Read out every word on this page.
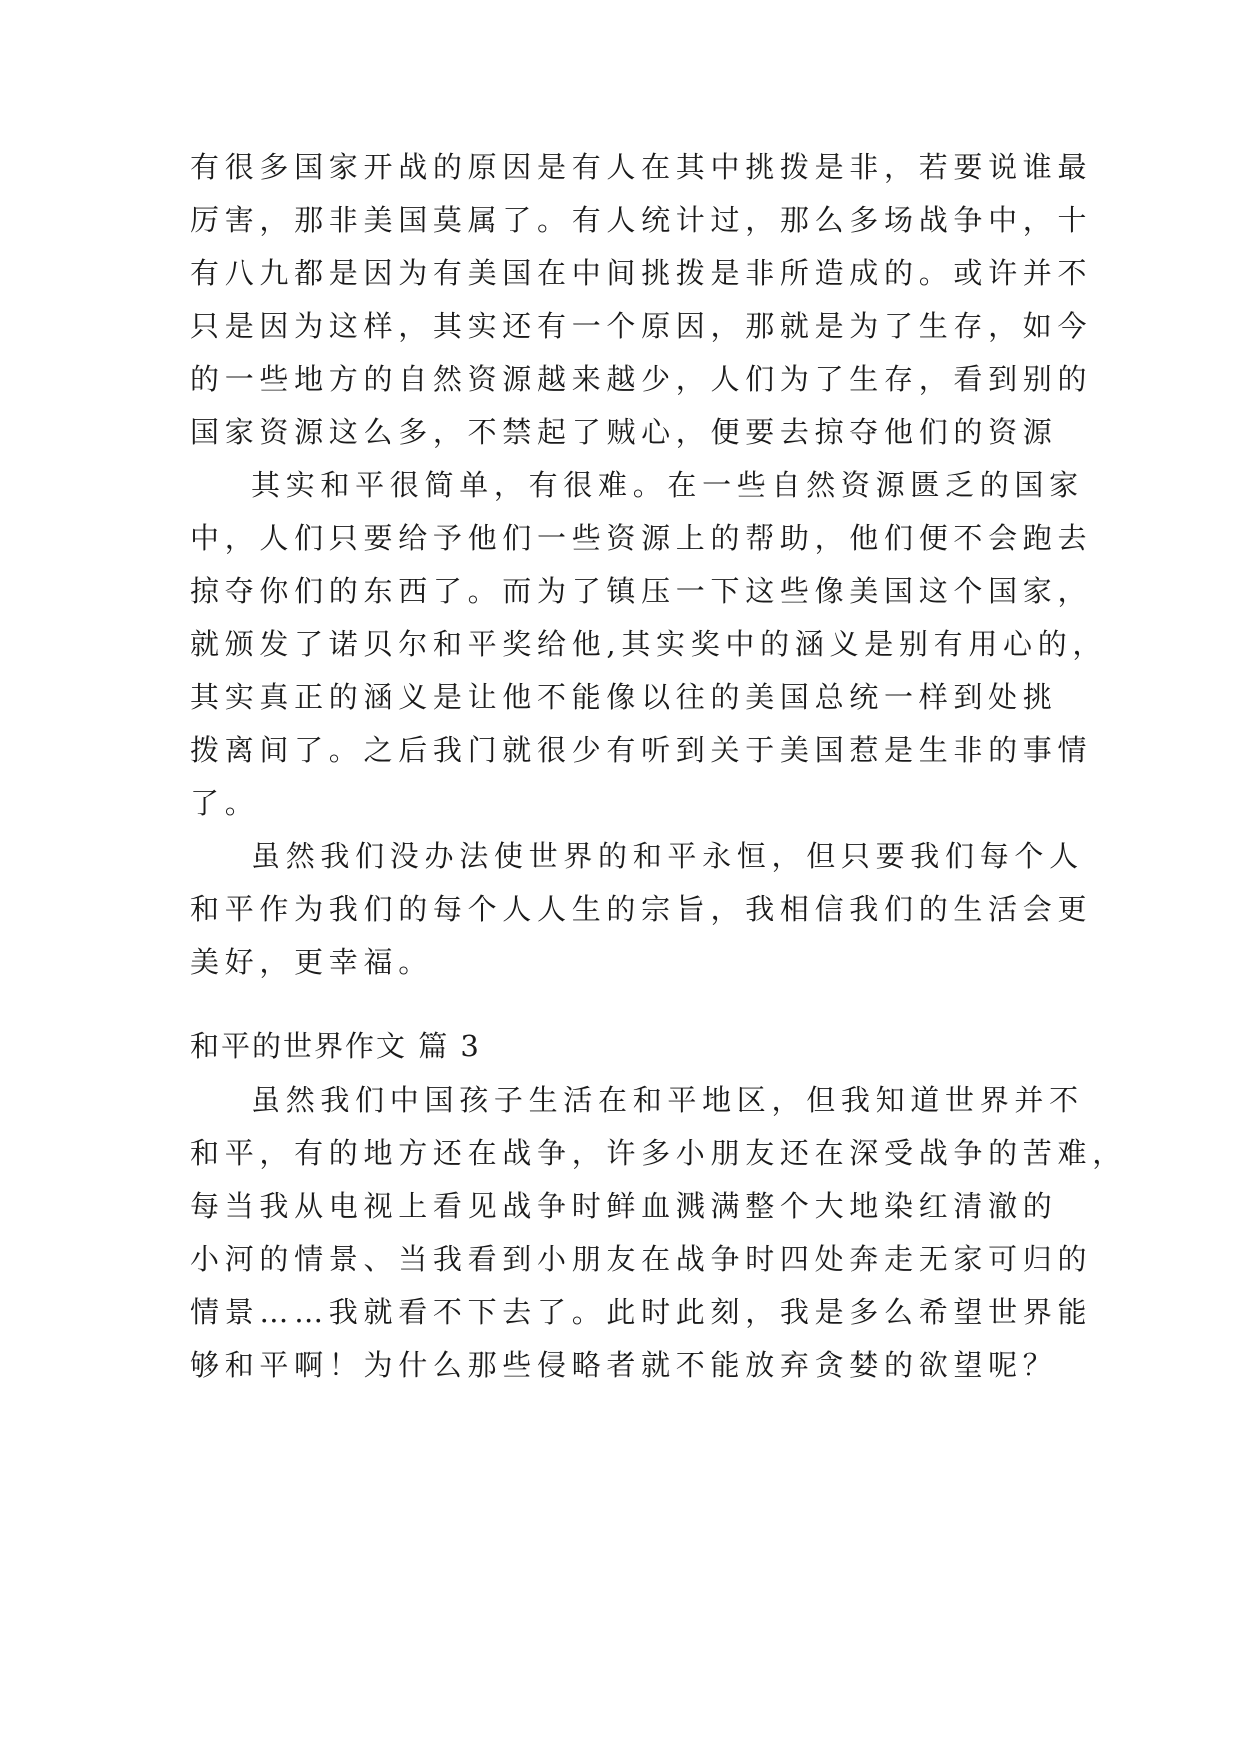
有很多国家开战的原因是有人在其中挑拨是非，若要说谁最
厉害，那非美国莫属了。有人统计过，那么多场战争中，十
有八九都是因为有美国在中间挑拨是非所造成的。或许并不
只是因为这样，其实还有一个原因，那就是为了生存，如今
的一些地方的自然资源越来越少，人们为了生存，看到别的
国家资源这么多，不禁起了贼心，便要去掠夺他们的资源
其实和平很简单，有很难。在一些自然资源匮乏的国家
中，人们只要给予他们一些资源上的帮助，他们便不会跑去
掠夺你们的东西了。而为了镇压一下这些像美国这个国家，
就颁发了诺贝尔和平奖给他,其实奖中的涵义是别有用心的，
其实真正的涵义是让他不能像以往的美国总统一样到处挑
拨离间了。之后我门就很少有听到关于美国惹是生非的事情
了。
虽然我们没办法使世界的和平永恒，但只要我们每个人
和平作为我们的每个人人生的宗旨，我相信我们的生活会更
美好，更幸福。
和平的世界作文 篇 3
虽然我们中国孩子生活在和平地区，但我知道世界并不
和平，有的地方还在战争，许多小朋友还在深受战争的苦难，
每当我从电视上看见战争时鲜血溅满整个大地染红清澈的
小河的情景、当我看到小朋友在战争时四处奔走无家可归的
情景……我就看不下去了。此时此刻，我是多么希望世界能
够和平啊！为什么那些侵略者就不能放弃贪婪的欲望呢？
